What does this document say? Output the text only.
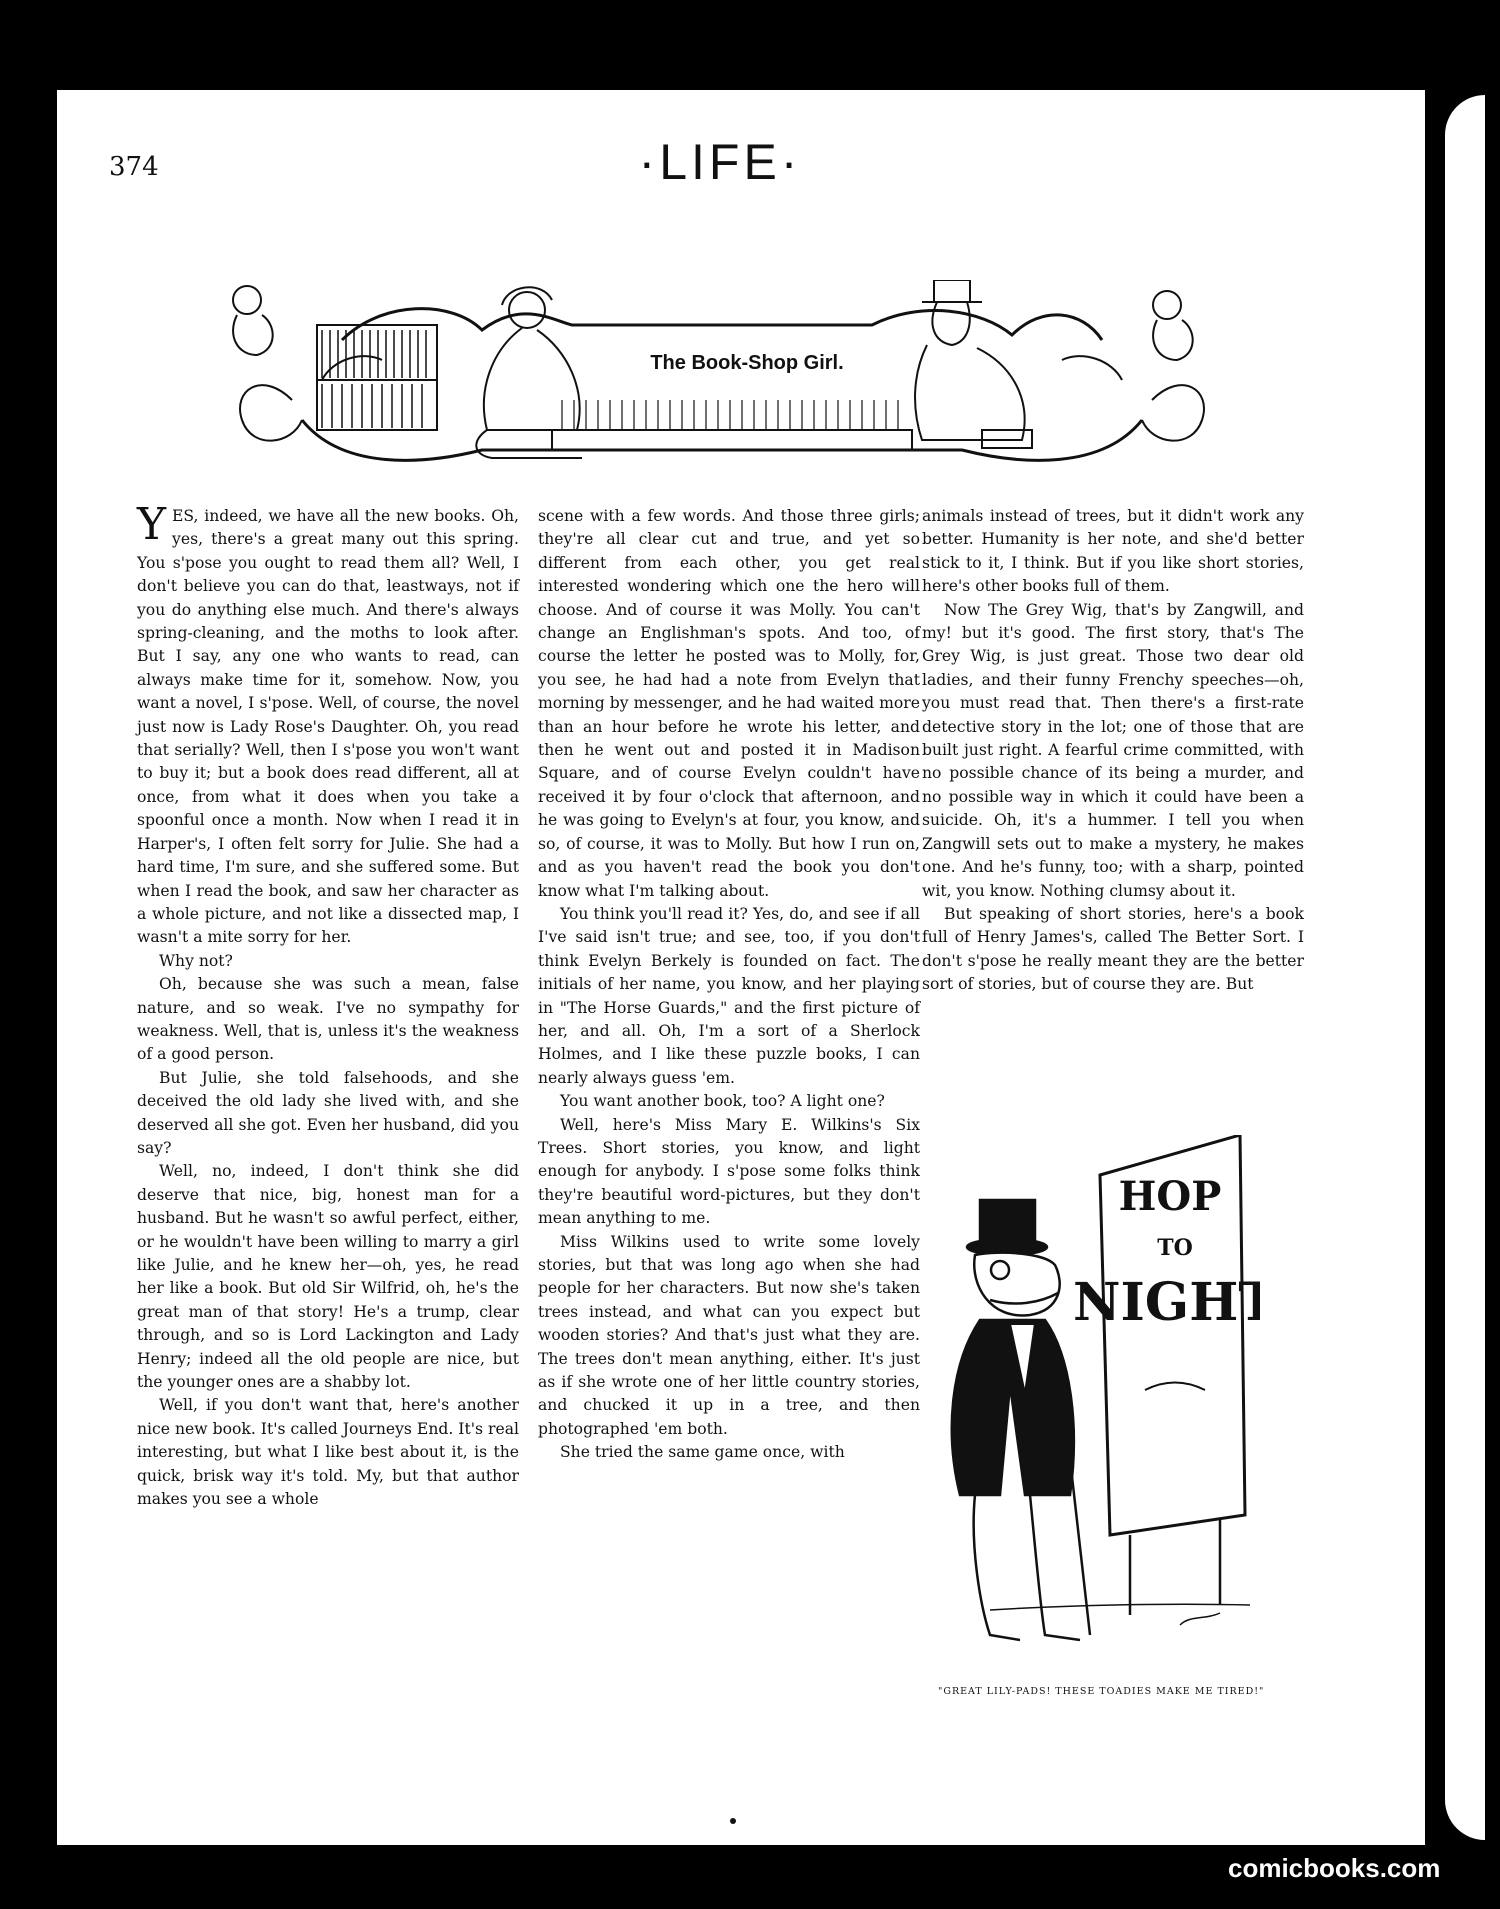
374	·LIFE·
The Book-Shop Girl.

YES, indeed, we have all the new books. Oh, yes, there's a great many out this spring. You s'pose you ought to read them all? Well, I don't believe you can do that, leastways, not if you do anything else much. And there's always spring-cleaning, and the moths to look after. But I say, any one who wants to read, can always make time for it, somehow. Now, you want a novel, I s'pose. Well, of course, the novel just now is Lady Rose's Daughter. Oh, you read that serially? Well, then I s'pose you won't want to buy it; but a book does read different, all at once, from what it does when you take a spoonful once a month. Now when I read it in Harper's, I often felt sorry for Julie. She had a hard time, I'm sure, and she suffered some. But when I read the book, and saw her character as a whole picture, and not like a dissected map, I wasn't a mite sorry for her.

Why not?

Oh, because she was such a mean, false nature, and so weak. I've no sympathy for weakness. Well, that is, unless it's the weakness of a good person.

But Julie, she told falsehoods, and she deceived the old lady she lived with, and she deserved all she got. Even her husband, did you say?

Well, no, indeed, I don't think she did deserve that nice, big, honest man for a husband. But he wasn't so awful perfect, either, or he wouldn't have been willing to marry a girl like Julie, and he knew her—oh, yes, he read her like a book. But old Sir Wilfrid, oh, he's the great man of that story! He's a trump, clear through, and so is Lord Lackington and Lady Henry; indeed all the old people are nice, but the younger ones are a shabby lot.

Well, if you don't want that, here's another nice new book. It's called Journeys End. It's real interesting, but what I like best about it, is the quick, brisk way it's told. My, but that author makes you see a whole

scene with a few words. And those three girls; they're all clear cut and true, and yet so different from each other, you get real interested wondering which one the hero will choose. And of course it was Molly. You can't change an Englishman's spots. And too, of course the letter he posted was to Molly, for, you see, he had had a note from Evelyn that morning by messenger, and he had waited more than an hour before he wrote his letter, and then he went out and posted it in Madison Square, and of course Evelyn couldn't have received it by four o'clock that afternoon, and he was going to Evelyn's at four, you know, and so, of course, it was to Molly. But how I run on, and as you haven't read the book you don't know what I'm talking about.

You think you'll read it? Yes, do, and see if all I've said isn't true; and see, too, if you don't think Evelyn Berkely is founded on fact. The initials of her name, you know, and her playing in "The Horse Guards," and the first picture of her, and all. Oh, I'm a sort of a Sherlock Holmes, and I like these puzzle books, I can nearly always guess 'em.

You want another book, too? A light one?

Well, here's Miss Mary E. Wilkins's Six Trees. Short stories, you know, and light enough for anybody. I s'pose some folks think they're beautiful word-pictures, but they don't mean anything to me.

Miss Wilkins used to write some lovely stories, but that was long ago when she had people for her characters. But now she's taken trees instead, and what can you expect but wooden stories? And that's just what they are. The trees don't mean anything, either. It's just as if she wrote one of her little country stories, and chucked it up in a tree, and then photographed 'em both.

She tried the same game once, with

animals instead of trees, but it didn't work any better. Humanity is her note, and she'd better stick to it, I think. But if you like short stories, here's other books full of them.

Now The Grey Wig, that's by Zangwill, and my! but it's good. The first story, that's The Grey Wig, is just great. Those two dear old ladies, and their funny Frenchy speeches—oh, you must read that. Then there's a first-rate detective story in the lot; one of those that are built just right. A fearful crime committed, with no possible chance of its being a murder, and no possible way in which it could have been a suicide. Oh, it's a hummer. I tell you when Zangwill sets out to make a mystery, he makes one. And he's funny, too; with a sharp, pointed wit, you know. Nothing clumsy about it.

But speaking of short stories, here's a book full of Henry James's, called The Better Sort. I don't s'pose he really meant they are the better sort of stories, but of course they are. But

HOP
TO
NIGHT
"GREAT LILY-PADS! THESE TOADIES MAKE ME TIRED!"
comicbooks.com
